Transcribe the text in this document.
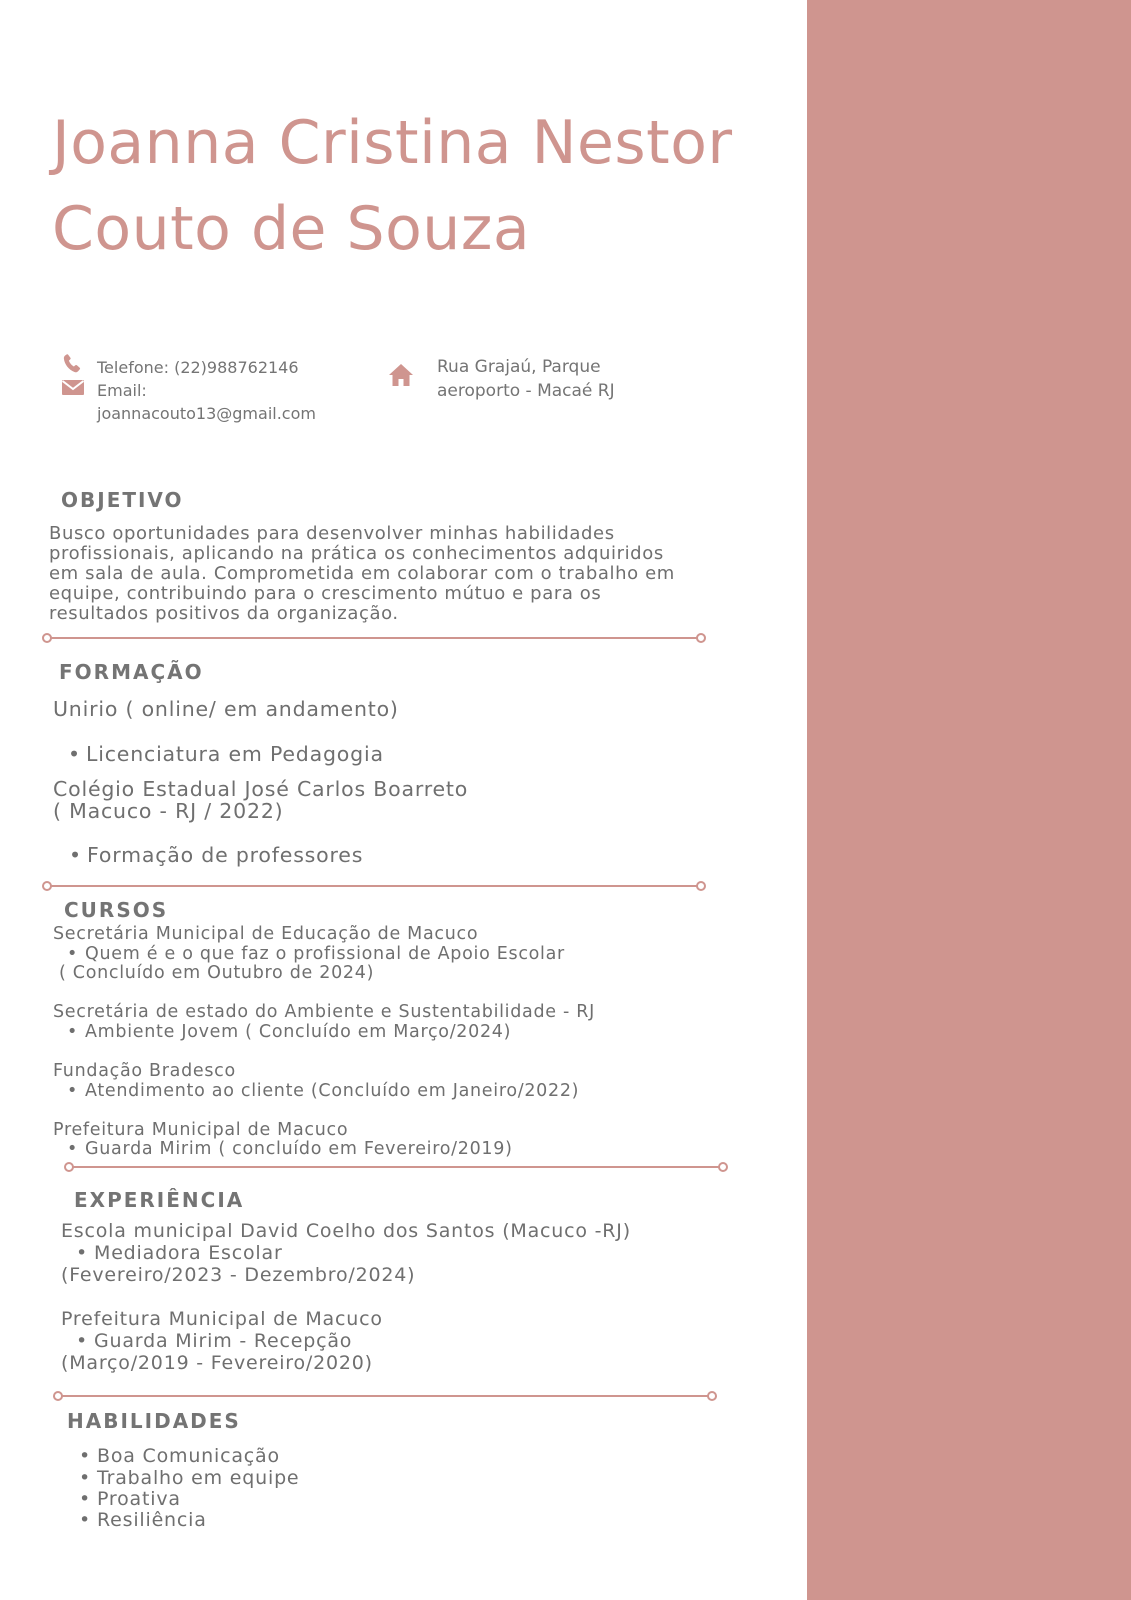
Joanna Cristina Nestor
Couto de Souza
Telefone: (22)988762146
Email:
joannacouto13@gmail.com
Rua Grajaú, Parque
aeroporto - Macaé RJ
OBJETIVO
Busco oportunidades para desenvolver minhas habilidades
profissionais, aplicando na prática os conhecimentos adquiridos
em sala de aula. Comprometida em colaborar com o trabalho em
equipe, contribuindo para o crescimento mútuo e para os
resultados positivos da organização.
FORMAÇÃO
Unirio ( online/ em andamento)
• Licenciatura em Pedagogia
Colégio Estadual José Carlos Boarreto
( Macuco - RJ / 2022)
• Formação de professores
CURSOS
Secretária Municipal de Educação de Macuco
• Quem é e o que faz o profissional de Apoio Escolar
( Concluído em Outubro de 2024)
Secretária de estado do Ambiente e Sustentabilidade - RJ
• Ambiente Jovem ( Concluído em Março/2024)
Fundação Bradesco
• Atendimento ao cliente (Concluído em Janeiro/2022)
Prefeitura Municipal de Macuco
• Guarda Mirim ( concluído em Fevereiro/2019)
EXPERIÊNCIA
Escola municipal David Coelho dos Santos (Macuco -RJ)
• Mediadora Escolar
(Fevereiro/2023 - Dezembro/2024)
Prefeitura Municipal de Macuco
• Guarda Mirim - Recepção
(Março/2019 - Fevereiro/2020)
HABILIDADES
• Boa Comunicação
• Trabalho em equipe
• Proativa
• Resiliência
